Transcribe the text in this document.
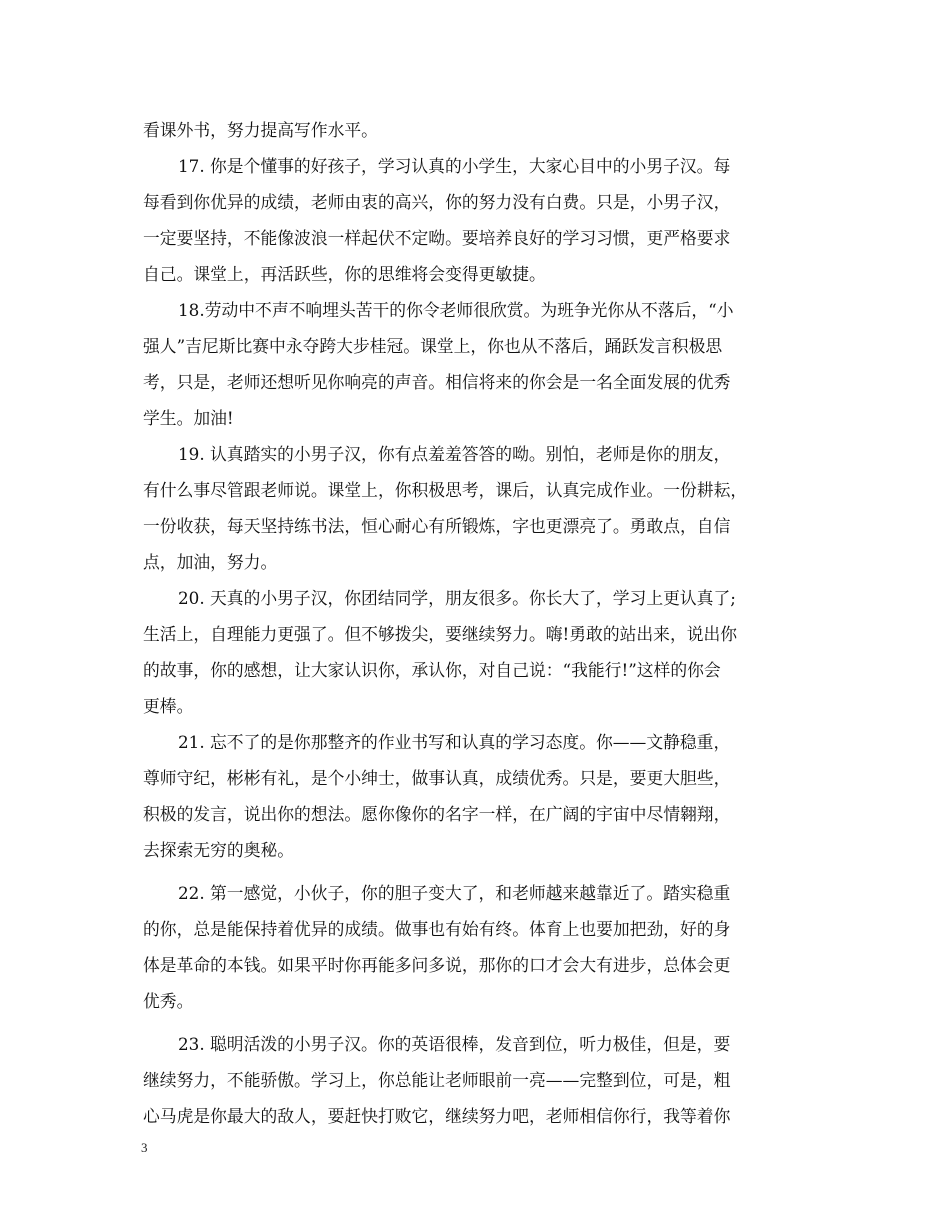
看课外书，努力提高写作水平。
17. 你是个懂事的好孩子，学习认真的小学生，大家心目中的小男子汉。每
每看到你优异的成绩，老师由衷的高兴，你的努力没有白费。只是，小男子汉，
一定要坚持，不能像波浪一样起伏不定呦。要培养良好的学习习惯，更严格要求
自己。课堂上，再活跃些，你的思维将会变得更敏捷。
18.劳动中不声不响埋头苦干的你令老师很欣赏。为班争光你从不落后，“小
强人”吉尼斯比赛中永夺跨大步桂冠。课堂上，你也从不落后，踊跃发言积极思
考，只是，老师还想听见你响亮的声音。相信将来的你会是一名全面发展的优秀
学生。加油!
19. 认真踏实的小男子汉，你有点羞羞答答的呦。别怕，老师是你的朋友，
有什么事尽管跟老师说。课堂上，你积极思考，课后，认真完成作业。一份耕耘，
一份收获，每天坚持练书法，恒心耐心有所锻炼，字也更漂亮了。勇敢点，自信
点，加油，努力。
20. 天真的小男子汉，你团结同学，朋友很多。你长大了，学习上更认真了;
生活上，自理能力更强了。但不够拨尖，要继续努力。嗨!勇敢的站出来，说出你
的故事，你的感想，让大家认识你，承认你，对自己说：“我能行!”这样的你会
更棒。
21. 忘不了的是你那整齐的作业书写和认真的学习态度。你——文静稳重，
尊师守纪，彬彬有礼，是个小绅士，做事认真，成绩优秀。只是，要更大胆些，
积极的发言，说出你的想法。愿你像你的名字一样，在广阔的宇宙中尽情翱翔，
去探索无穷的奥秘。
22. 第一感觉，小伙子，你的胆子变大了，和老师越来越靠近了。踏实稳重
的你，总是能保持着优异的成绩。做事也有始有终。体育上也要加把劲，好的身
体是革命的本钱。如果平时你再能多问多说，那你的口才会大有进步，总体会更
优秀。
23. 聪明活泼的小男子汉。你的英语很棒，发音到位，听力极佳，但是，要
继续努力，不能骄傲。学习上，你总能让老师眼前一亮——完整到位，可是，粗
心马虎是你最大的敌人，要赶快打败它，继续努力吧，老师相信你行，我等着你
3
